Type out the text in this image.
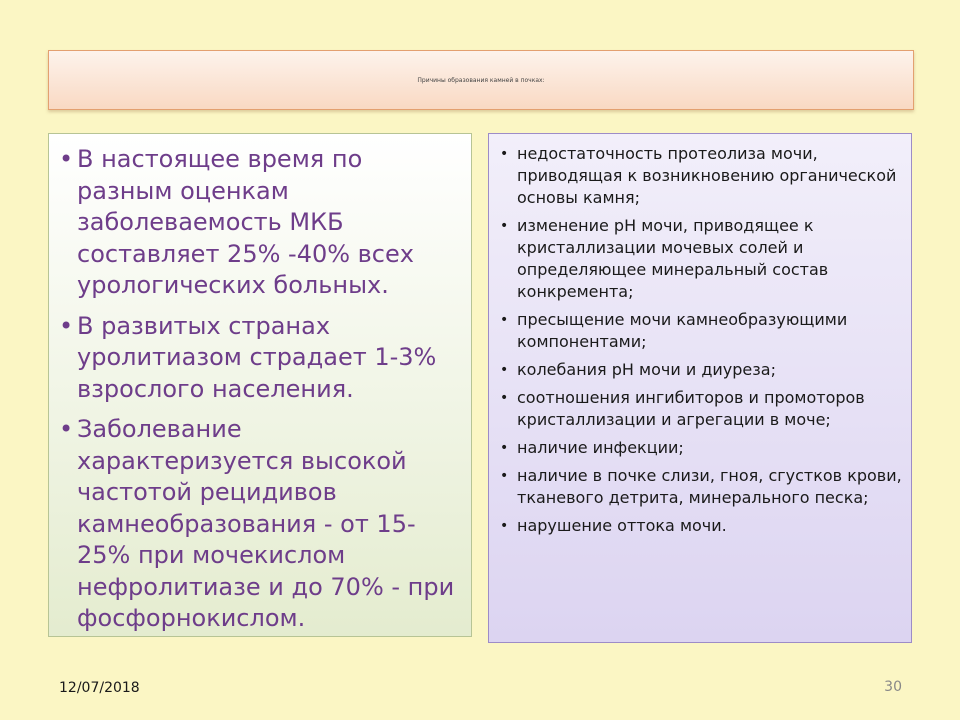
Причины образования камней в почках:
• В настоящее время по разным оценкам заболеваемость МКБ составляет 25% -40% всех урологических больных.
• В развитых странах уролитиазом страдает 1-3% взрослого населения.
• Заболевание характеризуется высокой частотой рецидивов камнеобразования - от 15-25% при мочекислом нефролитиазе и до 70% - при фосфорнокислом.
• недостаточность протеолиза мочи, приводящая к возникновению органической основы камня;
• изменение рН мочи, приводящее к кристаллизации мочевых солей и определяющее минеральный состав конкремента;
• пресыщение мочи камнеобразующими компонентами;
• колебания рН мочи и диуреза;
• соотношения ингибиторов и промоторов кристаллизации и агрегации в моче;
• наличие инфекции;
• наличие в почке слизи, гноя, сгустков крови, тканевого детрита, минерального песка;
• нарушение оттока мочи.
12/07/2018	30
